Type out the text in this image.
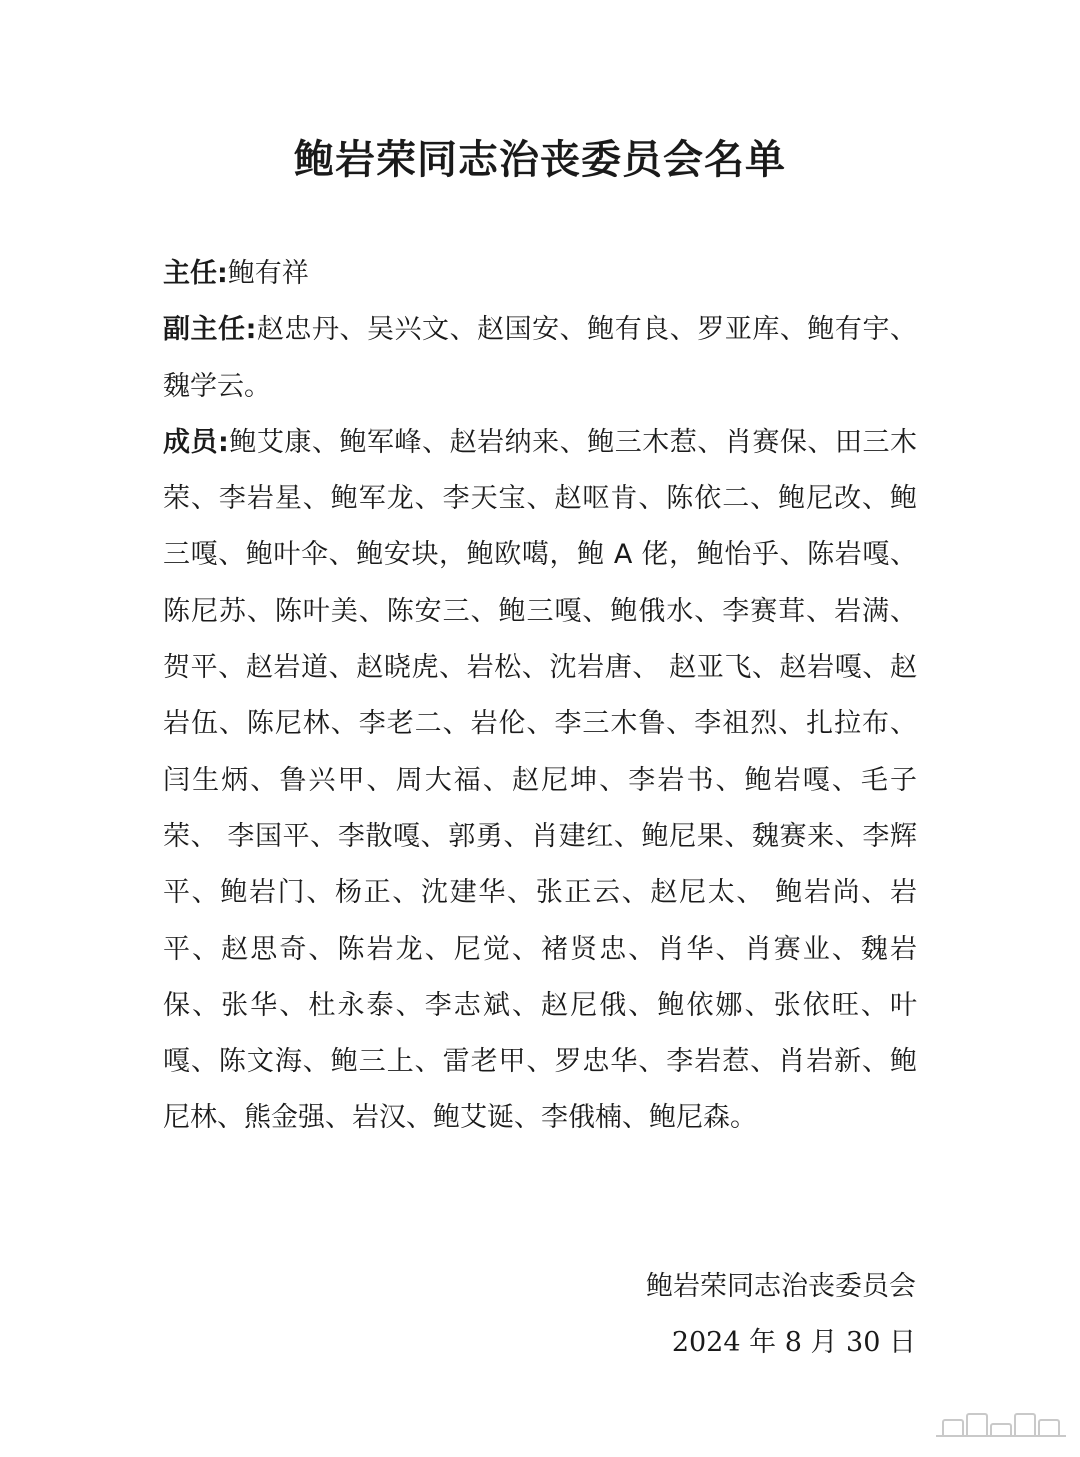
鲍岩荣同志治丧委员会名单

主任:鲍有祥

副主任:赵忠丹、吴兴文、赵国安、鲍有良、罗亚库、鲍有宇、魏学云。

成员:鲍艾康、鲍军峰、赵岩纳来、鲍三木惹、肖赛保、田三木荣、李岩星、鲍军龙、李天宝、赵呕肯、陈依二、鲍尼改、鲍三嘎、鲍叶伞、鲍安块，鲍欧噶，鲍 A 佬，鲍怡乎、陈岩嘎、陈尼苏、陈叶美、陈安三、鲍三嘎、鲍俄水、李赛茸、岩满、贺平、赵岩道、赵晓虎、岩松、沈岩唐、 赵亚飞、赵岩嘎、赵岩伍、陈尼林、李老二、岩伦、李三木鲁、李祖烈、扎拉布、闫生炳、鲁兴甲、周大福、赵尼坤、李岩书、鲍岩嘎、毛子荣、 李国平、李散嘎、郭勇、肖建红、鲍尼果、魏赛来、李辉平、鲍岩门、杨正、沈建华、张正云、赵尼太、 鲍岩尚、岩平、赵思奇、陈岩龙、尼觉、褚贤忠、肖华、肖赛业、魏岩保、张华、杜永泰、李志斌、赵尼俄、鲍依娜、张依旺、叶嘎、陈文海、鲍三上、雷老甲、罗忠华、李岩惹、肖岩新、鲍尼林、熊金强、岩汉、鲍艾诞、李俄楠、鲍尼森。

鲍岩荣同志治丧委员会
2024 年 8 月 30 日
